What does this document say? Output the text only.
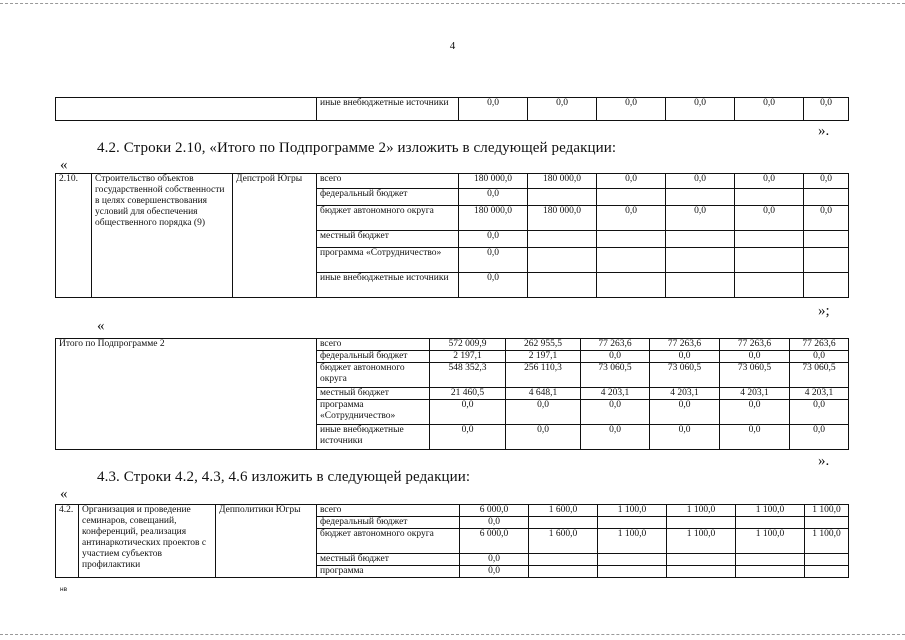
4
	иные внебюджетные источники	0,0	0,0	0,0	0,0	0,0	0,0
».
4.2. Строки 2.10, «Итого по Подпрограмме 2» изложить в следующей редакции:
«
2.10.	Строительство объектов государственной собственности в целях совершенствования условий для обеспечения общественного порядка (9)	Депстрой Югры	всего	180 000,0	180 000,0	0,0	0,0	0,0	0,0
			федеральный бюджет	0,0					
			бюджет автономного округа	180 000,0	180 000,0	0,0	0,0	0,0	0,0
			местный бюджет	0,0					
			программа «Сотрудничество»	0,0					
			иные внебюджетные источники	0,0					
»;
«
Итого по Подпрограмме 2	всего	572 009,9	262 955,5	77 263,6	77 263,6	77 263,6	77 263,6
	федеральный бюджет	2 197,1	2 197,1	0,0	0,0	0,0	0,0
	бюджет автономного округа	548 352,3	256 110,3	73 060,5	73 060,5	73 060,5	73 060,5
	местный бюджет	21 460,5	4 648,1	4 203,1	4 203,1	4 203,1	4 203,1
	программа «Сотрудничество»	0,0	0,0	0,0	0,0	0,0	0,0
	иные внебюджетные источники	0,0	0,0	0,0	0,0	0,0	0,0
».
4.3. Строки 4.2, 4.3, 4.6 изложить в следующей редакции:
«
4.2.	Организация и проведение семинаров, совещаний, конференций, реализация антинаркотических проектов с участием субъектов профилактики	Депполитики Югры	всего	6 000,0	1 600,0	1 100,0	1 100,0	1 100,0	1 100,0
			федеральный бюджет	0,0					
			бюджет автономного округа	6 000,0	1 600,0	1 100,0	1 100,0	1 100,0	1 100,0
			местный бюджет	0,0					
			программа	0,0					
нв
